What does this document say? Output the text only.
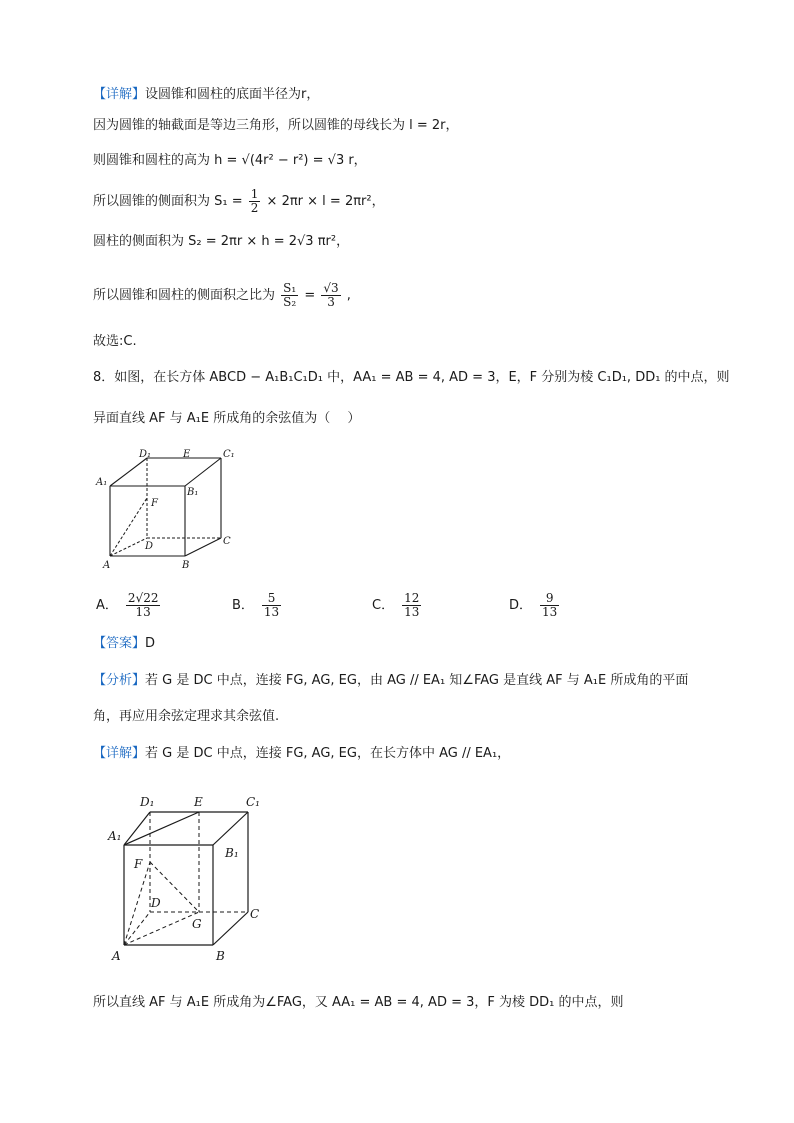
【详解】设圆锥和圆柱的底面半径为r，
因为圆锥的轴截面是等边三角形，所以圆锥的母线长为 l = 2r，
则圆锥和圆柱的高为 h = √(4r² − r²) = √3 r，
所以圆锥的侧面积为 $S_1 = \frac{1}{2} \times 2\pi r \times l = 2\pi r^2$，
圆柱的侧面积为 S₂ = 2πr × h = 2√3 πr²，
所以圆锥和圆柱的侧面积之比为 $\frac{\text{S₁}}{\text{S₂}} = \frac{√3}{3}$ ,
故选:C.
8．如图，在长方体 ABCD − A₁B₁C₁D₁ 中，AA₁ = AB = 4, AD = 3，E，F 分别为棱 C₁D₁, DD₁ 的中点，则
异面直线 AF 与 A₁E 所成角的余弦值为（　 ）
D₁	E	C₁
A₁
B₁
F
D	C
A	B
A． $\frac{2√22}{13}$	B． $\frac{5}{13}$	C． $\frac{12}{13}$	D． $\frac{9}{13}$
【答案】D
【分析】若 G 是 DC 中点，连接 FG, AG, EG，由 AG // EA₁ 知∠FAG 是直线 AF 与 A₁E 所成角的平面
角，再应用余弦定理求其余弦值.
【详解】若 G 是 DC 中点，连接 FG, AG, EG，在长方体中 AG // EA₁，
D₁	E	C₁
A₁
B₁
F
D
G
C
A	B
所以直线 AF 与 A₁E 所成角为∠FAG，又 AA₁ = AB = 4, AD = 3，F 为棱 DD₁ 的中点，则
